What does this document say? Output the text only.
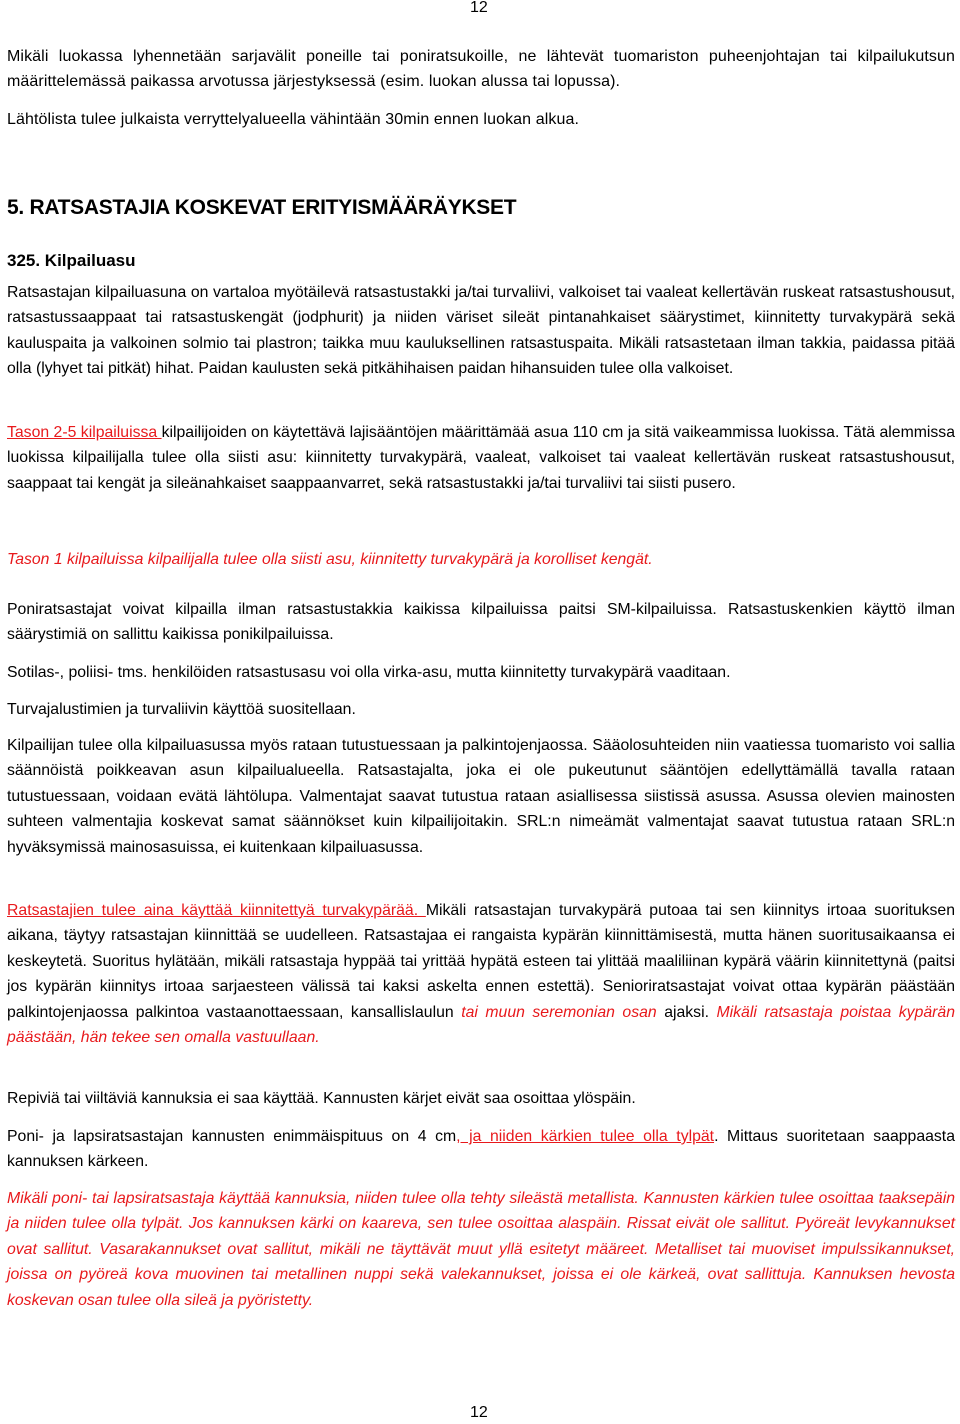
12

Mikäli luokassa lyhennetään sarjavälit poneille tai poniratsukoille, ne lähtevät tuomariston puheenjohtajan tai kilpailukutsun määrittelemässä paikassa arvotussa järjestyksessä (esim. luokan alussa tai lopussa).

Lähtölista tulee julkaista verryttelyalueella vähintään 30min ennen luokan alkua.

5. RATSASTAJIA KOSKEVAT ERITYISMÄÄRÄYKSET
325. Kilpailuasu

Ratsastajan kilpailuasuna on vartaloa myötäilevä ratsastustakki ja/tai turvaliivi, valkoiset tai vaaleat kellertävän ruskeat ratsastushousut, ratsastussaappaat tai ratsastuskengät (jodphurit) ja niiden väriset sileät pintanahkaiset säärystimet, kiinnitetty turvakypärä sekä kauluspaita ja valkoinen solmio tai plastron; taikka muu kauluksellinen ratsastuspaita. Mikäli ratsastetaan ilman takkia, paidassa pitää olla (lyhyet tai pitkät) hihat. Paidan kaulusten sekä pitkähihaisen paidan hihansuiden tulee olla valkoiset.

Tason 2-5 kilpailuissa kilpailijoiden on käytettävä lajisääntöjen määrittämää asua 110 cm ja sitä vaikeammissa luokissa. Tätä alemmissa luokissa kilpailijalla tulee olla siisti asu: kiinnitetty turvakypärä, vaaleat, valkoiset tai vaaleat kellertävän ruskeat ratsastushousut, saappaat tai kengät ja sileänahkaiset saappaanvarret, sekä ratsastustakki ja/tai turvaliivi tai siisti pusero.

Tason 1 kilpailuissa kilpailijalla tulee olla siisti asu, kiinnitetty turvakypärä ja korolliset kengät.

Poniratsastajat voivat kilpailla ilman ratsastustakkia kaikissa kilpailuissa paitsi SM-kilpailuissa. Ratsastuskenkien käyttö ilman säärystimiä on sallittu kaikissa ponikilpailuissa.

Sotilas-, poliisi- tms. henkilöiden ratsastusasu voi olla virka-asu, mutta kiinnitetty turvakypärä vaaditaan.

Turvajalustimien ja turvaliivin käyttöä suositellaan.

Kilpailijan tulee olla kilpailuasussa myös rataan tutustuessaan ja palkintojenjaossa. Sääolosuhteiden niin vaatiessa tuomaristo voi sallia säännöistä poikkeavan asun kilpailualueella. Ratsastajalta, joka ei ole pukeutunut sääntöjen edellyttämällä tavalla rataan tutustuessaan, voidaan evätä lähtölupa. Valmentajat saavat tutustua rataan asiallisessa siistissä asussa. Asussa olevien mainosten suhteen valmentajia koskevat samat säännökset kuin kilpailijoitakin. SRL:n nimeämät valmentajat saavat tutustua rataan SRL:n hyväksymissä mainosasuissa, ei kuitenkaan kilpailuasussa.

Ratsastajien tulee aina käyttää kiinnitettyä turvakypärää. Mikäli ratsastajan turvakypärä putoaa tai sen kiinnitys irtoaa suorituksen aikana, täytyy ratsastajan kiinnittää se uudelleen. Ratsastajaa ei rangaista kypärän kiinnittämisestä, mutta hänen suoritusaikaansa ei keskeytetä. Suoritus hylätään, mikäli ratsastaja hyppää tai yrittää hypätä esteen tai ylittää maaliliinan kypärä väärin kiinnitettynä (paitsi jos kypärän kiinnitys irtoaa sarjaesteen välissä tai kaksi askelta ennen estettä). Senioriratsastajat voivat ottaa kypärän päästään palkintojenjaossa palkintoa vastaanottaessaan, kansallislaulun tai muun seremonian osan ajaksi. Mikäli ratsastaja poistaa kypärän päästään, hän tekee sen omalla vastuullaan.

Repiviä tai viiltäviä kannuksia ei saa käyttää. Kannusten kärjet eivät saa osoittaa ylöspäin.

Poni- ja lapsiratsastajan kannusten enimmäispituus on 4 cm, ja niiden kärkien tulee olla tylpät. Mittaus suoritetaan saappaasta kannuksen kärkeen.

Mikäli poni- tai lapsiratsastaja käyttää kannuksia, niiden tulee olla tehty sileästä metallista. Kannusten kärkien tulee osoittaa taaksepäin ja niiden tulee olla tylpät. Jos kannuksen kärki on kaareva, sen tulee osoittaa alaspäin. Rissat eivät ole sallitut. Pyöreät levykannukset ovat sallitut. Vasarakannukset ovat sallitut, mikäli ne täyttävät muut yllä esitetyt määreet. Metalliset tai muoviset impulssikannukset, joissa on pyöreä kova muovinen tai metallinen nuppi sekä valekannukset, joissa ei ole kärkeä, ovat sallittuja. Kannuksen hevosta koskevan osan tulee olla sileä ja pyöristetty.

12
